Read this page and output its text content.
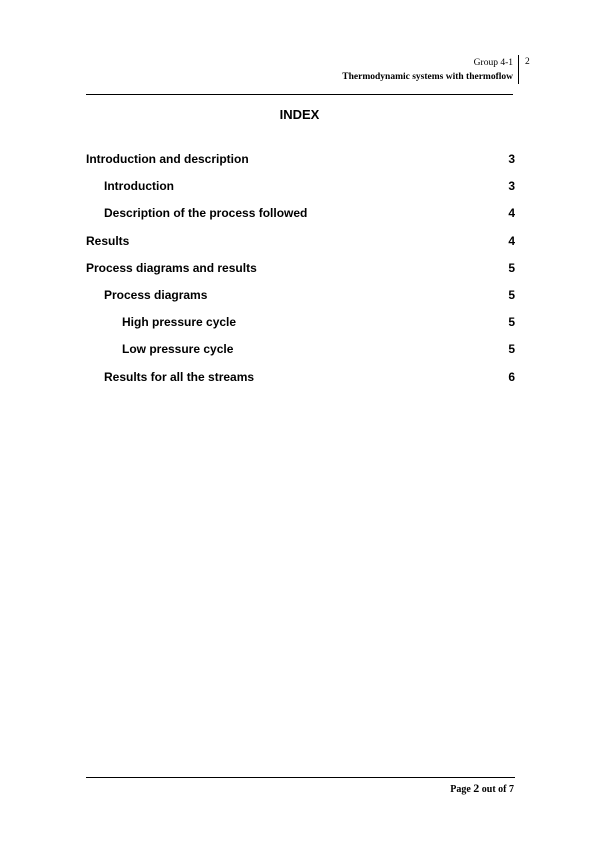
Group 4-1
Thermodynamic systems with thermoflow
2
INDEX
Introduction and description	3
Introduction	3
Description of the process followed	4
Results	4
Process diagrams and results	5
Process diagrams	5
High pressure cycle	5
Low pressure cycle	5
Results for all the streams	6
Page 2 out of 7
